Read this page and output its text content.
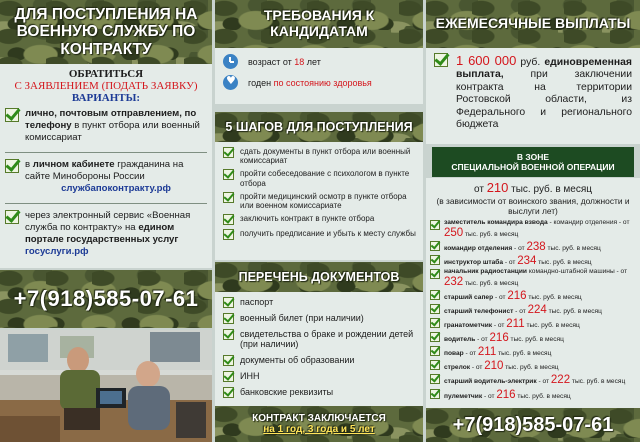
ДЛЯ ПОСТУПЛЕНИЯ НА ВОЕННУЮ СЛУЖБУ ПО КОНТРАКТУ
ОБРАТИТЬСЯ
С ЗАЯВЛЕНИЕМ (ПОДАТЬ ЗАЯВКУ)
ВАРИАНТЫ:
лично, почтовым отправлением, по телефону в пункт отбора или военный комиссариат
в личном кабинете гражданина на сайте Минобороны России
службапоконтракту.рф
через электронный сервис «Военная служба по контракту» на едином портале государственных услуг госуслуги.рф
+7(918)585-07-61
ТРЕБОВАНИЯ К КАНДИДАТАМ
возраст от 18 лет
♥
годен по состоянию здоровья
5 ШАГОВ ДЛЯ ПОСТУПЛЕНИЯ
сдать документы в пункт отбора или военный комиссариат
пройти собеседование с психологом в пункте отбора
пройти медицинский осмотр в пункте отбора или военном комиссариате
заключить контракт в пункте отбора
получить предписание и убыть к месту службы
ПЕРЕЧЕНЬ ДОКУМЕНТОВ
паспорт
военный билет (при наличии)
свидетельства о браке и рождении детей (при наличии)
документы об образовании
ИНН
банковские реквизиты
КОНТРАКТ ЗАКЛЮЧАЕТСЯ
на 1 год, 3 года и 5 лет
ЕЖЕМЕСЯЧНЫЕ ВЫПЛАТЫ
1 600 000 руб. единовременная выплата, при заключении контракта на территории Ростовской области, из Федерального и регионального бюджета
В ЗОНЕ
СПЕЦИАЛЬНОЙ ВОЕННОЙ ОПЕРАЦИИ
от 210 тыс. руб. в месяц
(в зависимости от воинского звания, должности и выслуги лет)
заместитель командира взвода - командир отделения - от 250 тыс. руб. в месяц
командир отделения - от 238 тыс. руб. в месяц
инструктор штаба - от 234 тыс. руб. в месяц
начальник радиостанции командно-штабной машины - от 232 тыс. руб. в месяц
старший сапер - от 216 тыс. руб. в месяц
старший телефонист - от 224 тыс. руб. в месяц
гранатометчик - от 211 тыс. руб. в месяц
водитель - от 216 тыс. руб. в месяц
повар - от 211 тыс. руб. в месяц
стрелок - от 210 тыс. руб. в месяц
старший водитель-электрик - от 222 тыс. руб. в месяц
пулеметчик - от 216 тыс. руб. в месяц
+7(918)585-07-61
